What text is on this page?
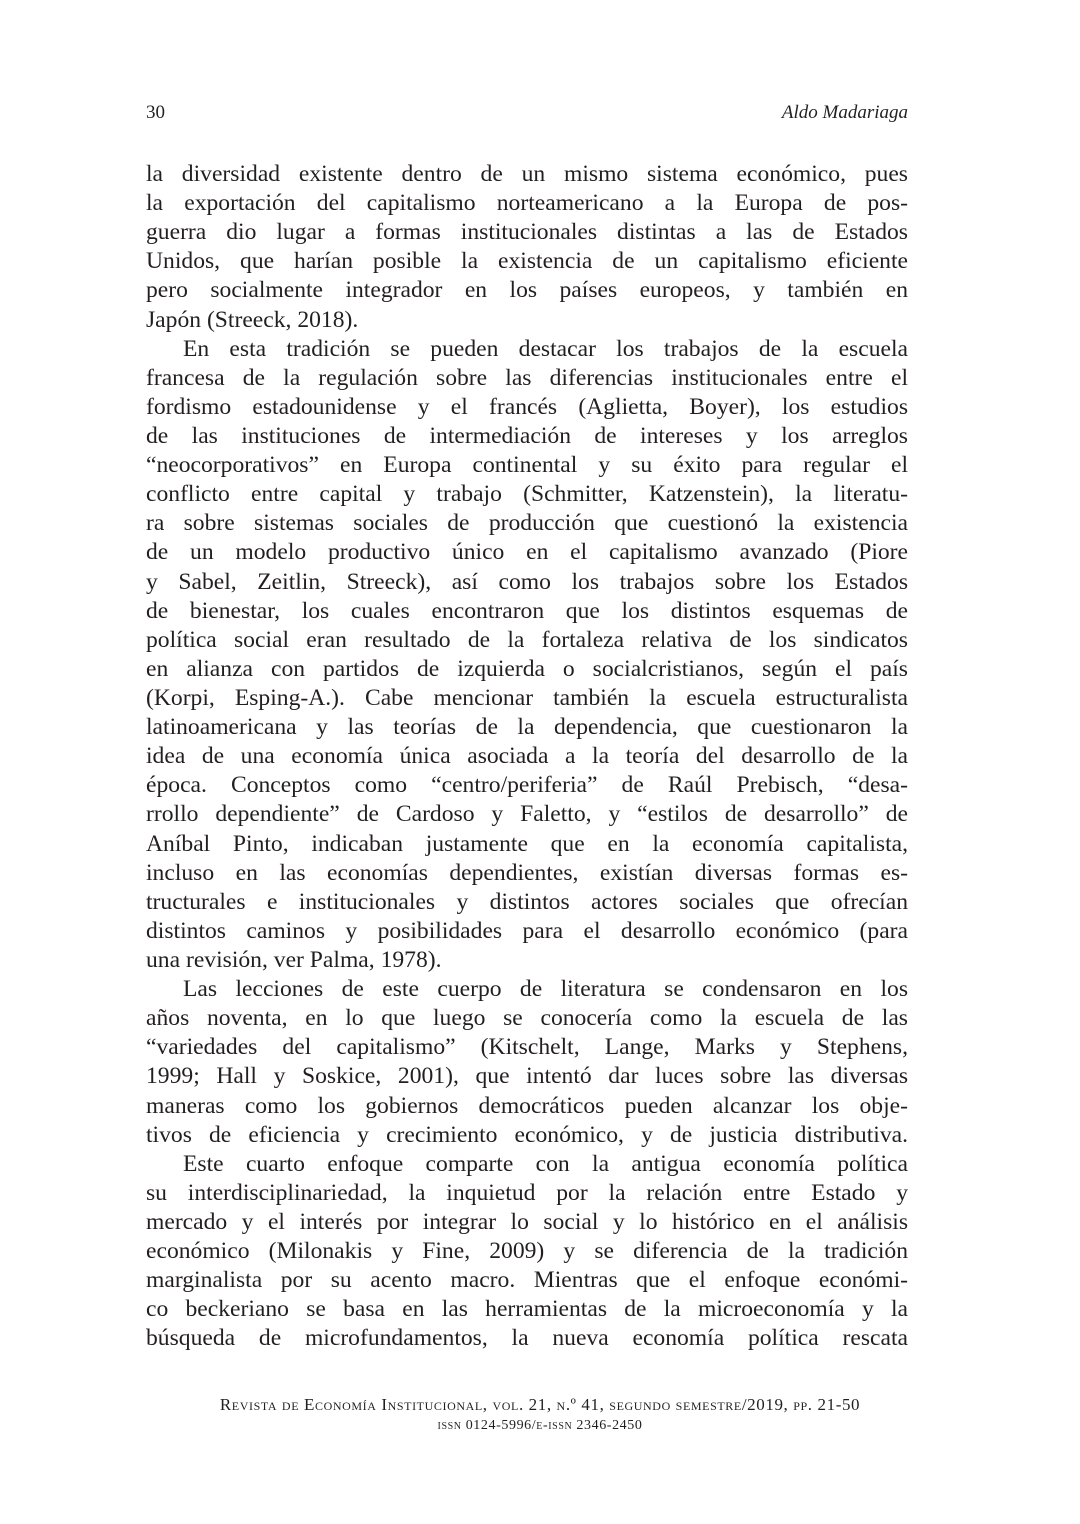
30	Aldo Madariaga
la diversidad existente dentro de un mismo sistema económico, pues
la exportación del capitalismo norteamericano a la Europa de pos-
guerra dio lugar a formas institucionales distintas a las de Estados
Unidos, que harían posible la existencia de un capitalismo eficiente
pero socialmente integrador en los países europeos, y también en
Japón (Streeck, 2018).
En esta tradición se pueden destacar los trabajos de la escuela
francesa de la regulación sobre las diferencias institucionales entre el
fordismo estadounidense y el francés (Aglietta, Boyer), los estudios
de las instituciones de intermediación de intereses y los arreglos
“neocorporativos” en Europa continental y su éxito para regular el
conflicto entre capital y trabajo (Schmitter, Katzenstein), la literatu-
ra sobre sistemas sociales de producción que cuestionó la existencia
de un modelo productivo único en el capitalismo avanzado (Piore
y Sabel, Zeitlin, Streeck), así como los trabajos sobre los Estados
de bienestar, los cuales encontraron que los distintos esquemas de
política social eran resultado de la fortaleza relativa de los sindicatos
en alianza con partidos de izquierda o socialcristianos, según el país
(Korpi, Esping-A.). Cabe mencionar también la escuela estructuralista
latinoamericana y las teorías de la dependencia, que cuestionaron la
idea de una economía única asociada a la teoría del desarrollo de la
época. Conceptos como “centro/periferia” de Raúl Prebisch, “desa-
rrollo dependiente” de Cardoso y Faletto, y “estilos de desarrollo” de
Aníbal Pinto, indicaban justamente que en la economía capitalista,
incluso en las economías dependientes, existían diversas formas es-
tructurales e institucionales y distintos actores sociales que ofrecían
distintos caminos y posibilidades para el desarrollo económico (para
una revisión, ver Palma, 1978).
Las lecciones de este cuerpo de literatura se condensaron en los
años noventa, en lo que luego se conocería como la escuela de las
“variedades del capitalismo” (Kitschelt, Lange, Marks y Stephens,
1999; Hall y Soskice, 2001), que intentó dar luces sobre las diversas
maneras como los gobiernos democráticos pueden alcanzar los obje-
tivos de eficiencia y crecimiento económico, y de justicia distributiva.
Este cuarto enfoque comparte con la antigua economía política
su interdisciplinariedad, la inquietud por la relación entre Estado y
mercado y el interés por integrar lo social y lo histórico en el análisis
económico (Milonakis y Fine, 2009) y se diferencia de la tradición
marginalista por su acento macro. Mientras que el enfoque económi-
co beckeriano se basa en las herramientas de la microeconomía y la
búsqueda de microfundamentos, la nueva economía política rescata
Revista de Economía Institucional, vol. 21, n.º 41, segundo semestre/2019, pp. 21-50
issn 0124-5996/e-issn 2346-2450
